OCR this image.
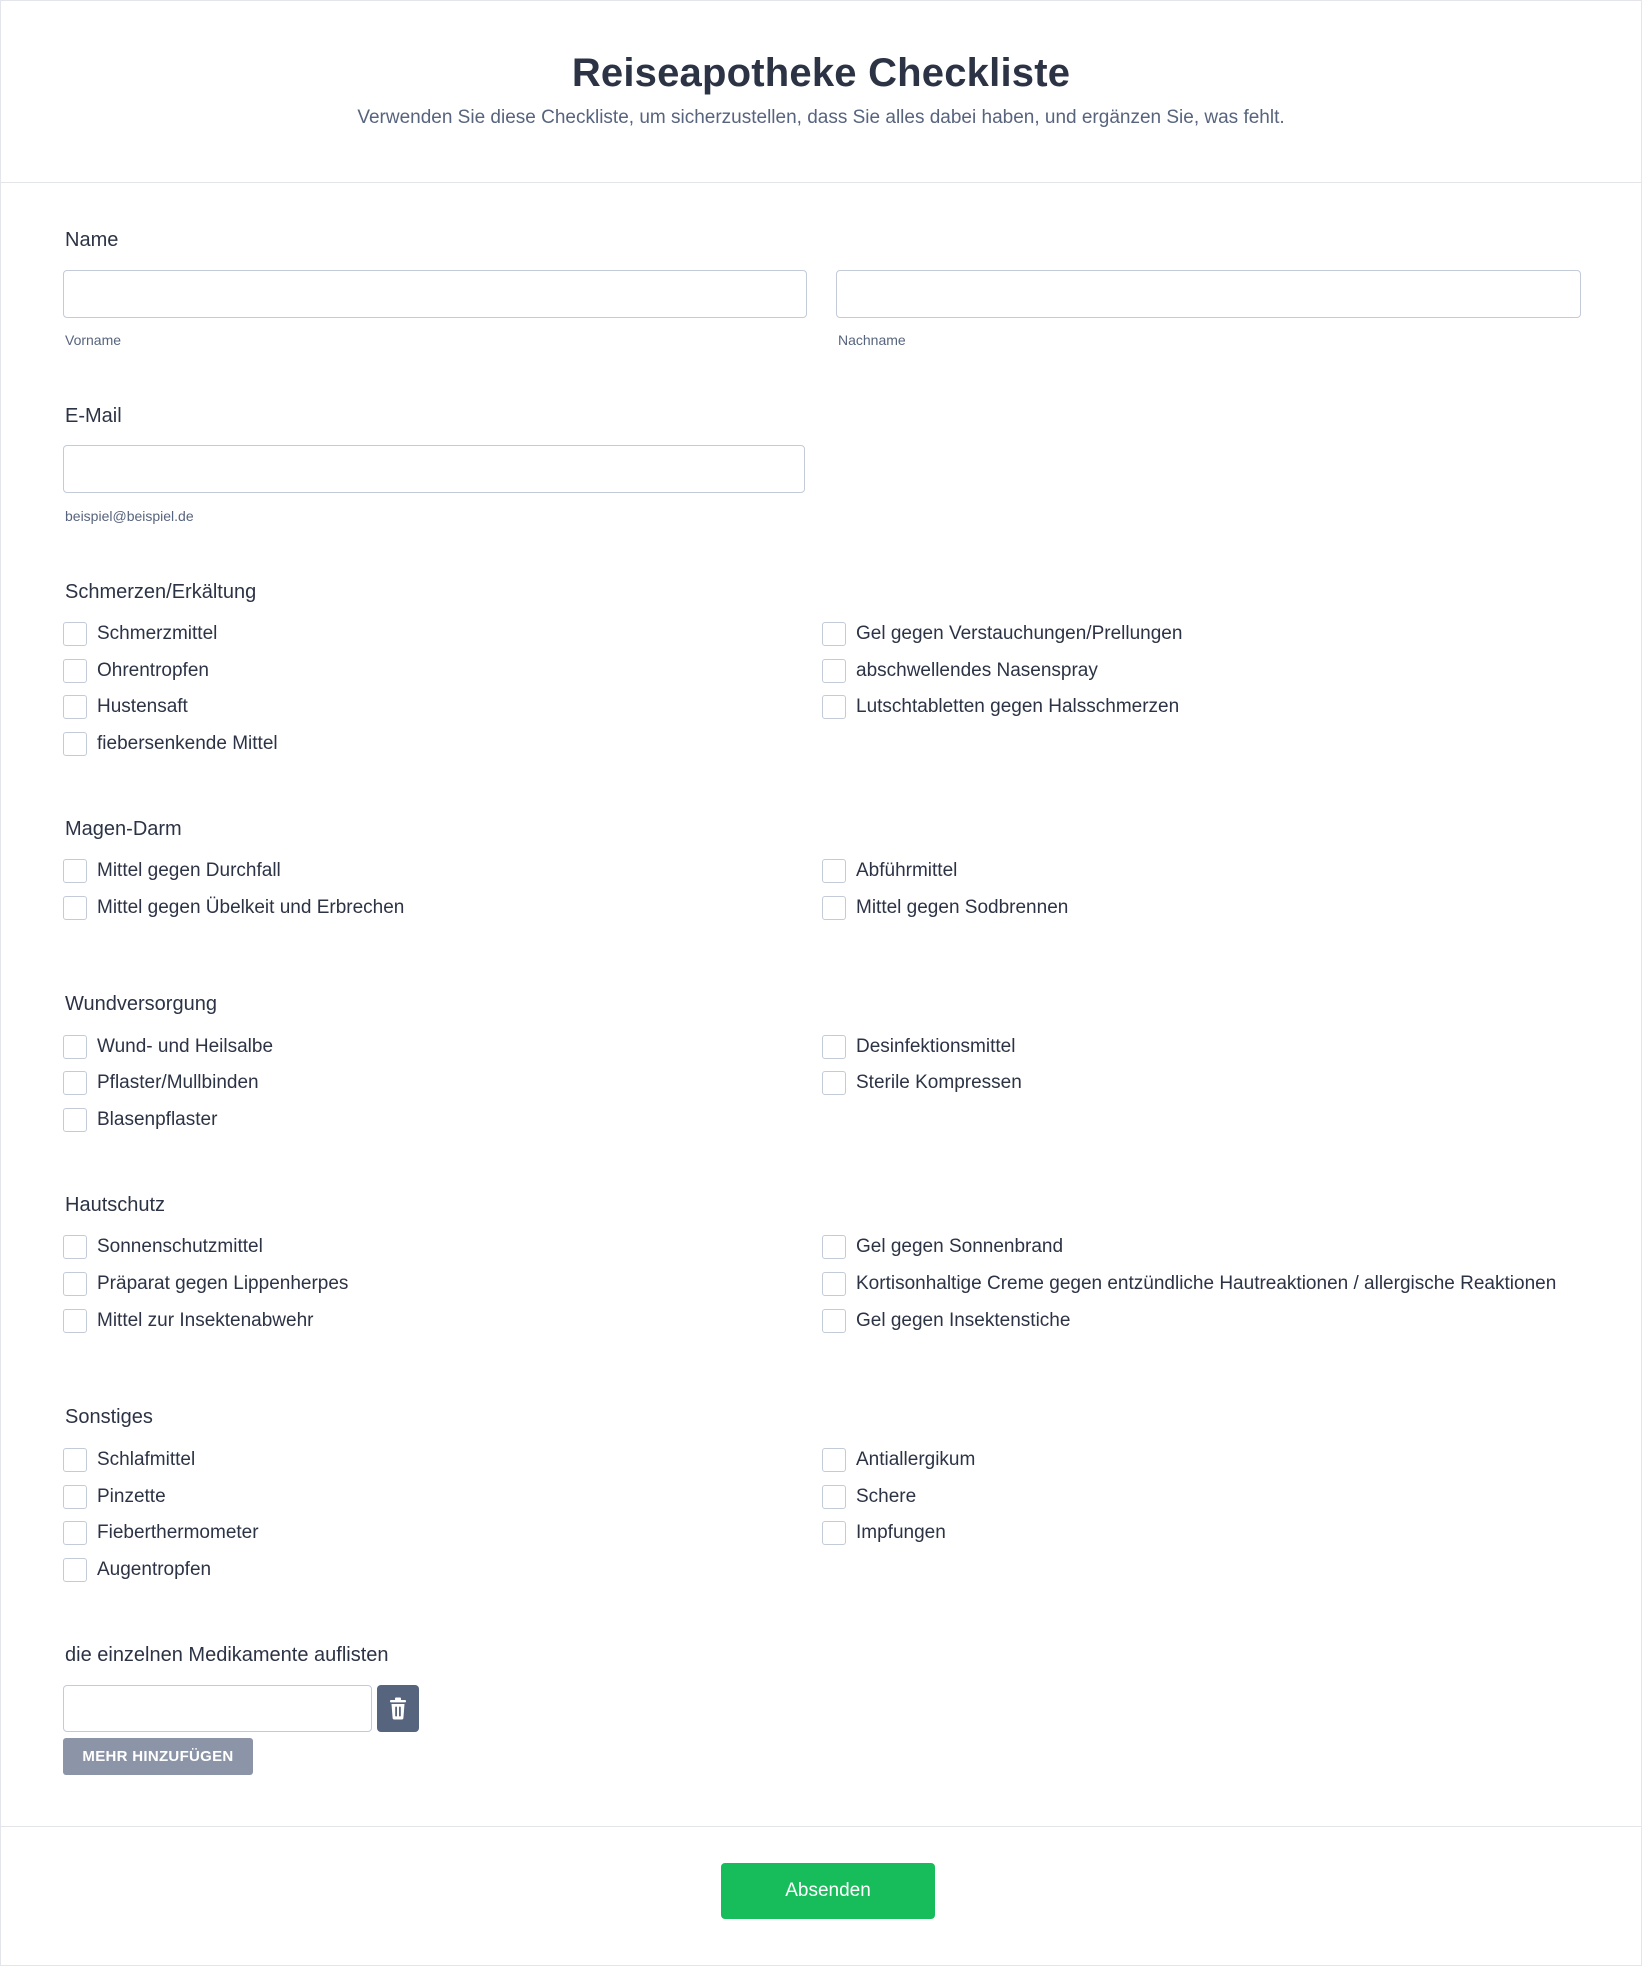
Reiseapotheke Checkliste

Verwenden Sie diese Checkliste, um sicherzustellen, dass Sie alles dabei haben, und ergänzen Sie, was fehlt.

Name
Vorname	Nachname
E-Mail
beispiel@beispiel.de
Schmerzen/Erkältung
Schmerzmittel
Ohrentropfen
Hustensaft
fiebersenkende Mittel
Gel gegen Verstauchungen/Prellungen
abschwellendes Nasenspray
Lutschtabletten gegen Halsschmerzen
Magen-Darm
Mittel gegen Durchfall
Mittel gegen Übelkeit und Erbrechen
Abführmittel
Mittel gegen Sodbrennen
Wundversorgung
Wund- und Heilsalbe
Pflaster/Mullbinden
Blasenpflaster
Desinfektionsmittel
Sterile Kompressen
Hautschutz
Sonnenschutzmittel
Präparat gegen Lippenherpes
Mittel zur Insektenabwehr
Gel gegen Sonnenbrand
Kortisonhaltige Creme gegen entzündliche Hautreaktionen / allergische Reaktionen
Gel gegen Insektenstiche
Sonstiges
Schlafmittel
Pinzette
Fieberthermometer
Augentropfen
Antiallergikum
Schere
Impfungen
die einzelnen Medikamente auflisten
MEHR HINZUFÜGEN
Absenden
